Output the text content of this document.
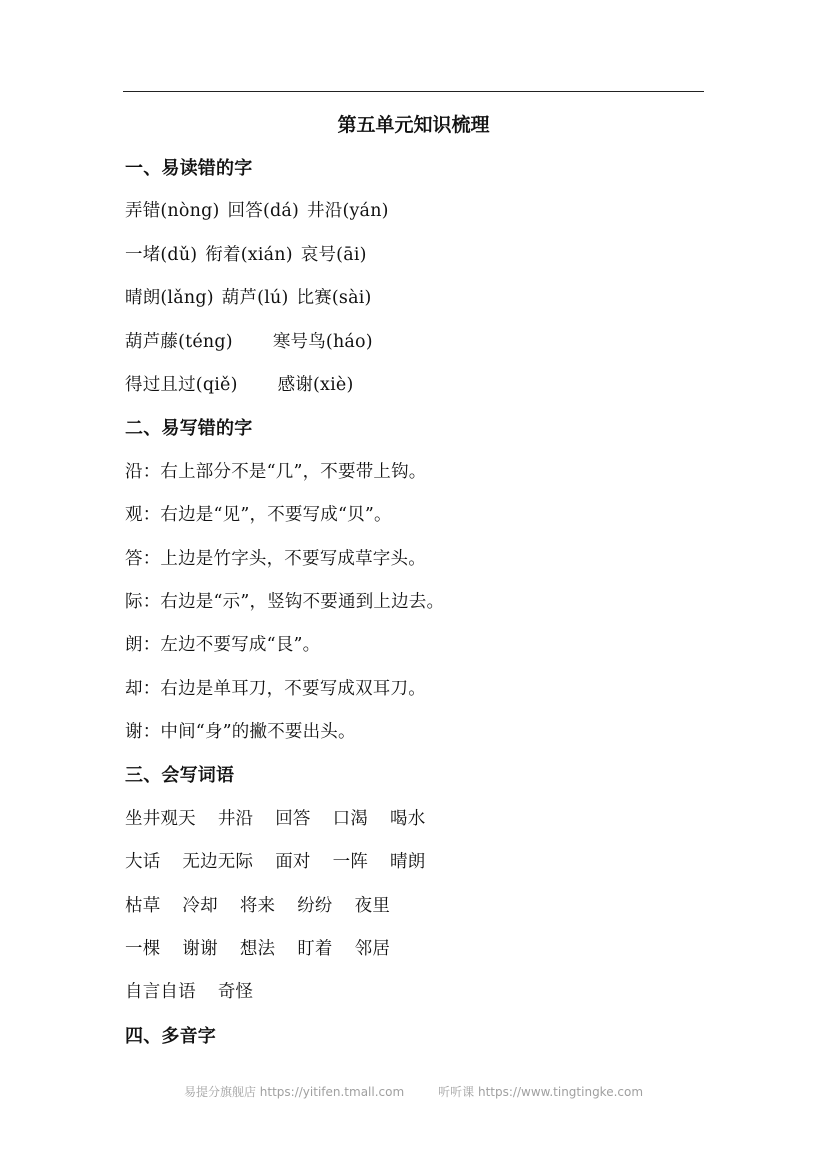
第五单元知识梳理
一、易读错的字
弄错(nòng) 回答(dá) 井沿(yán)
一堵(dǔ) 衔着(xián) 哀号(āi)
晴朗(lǎng) 葫芦(lú) 比赛(sài)
葫芦藤(téng) 寒号鸟(háo)
得过且过(qiě) 感谢(xiè)
二、易写错的字
沿：右上部分不是“几”，不要带上钩。
观：右边是“见”，不要写成“贝”。
答：上边是竹字头，不要写成草字头。
际：右边是“示”，竖钩不要通到上边去。
朗：左边不要写成“艮”。
却：右边是单耳刀，不要写成双耳刀。
谢：中间“身”的撇不要出头。
三、会写词语
坐井观天 井沿 回答 口渴 喝水
大话 无边无际 面对 一阵 晴朗
枯草 冷却 将来 纷纷 夜里
一棵 谢谢 想法 盯着 邻居
自言自语 奇怪
四、多音字
易提分旗舰店 https://yitifen.tmall.com	听听课 https://www.tingtingke.com
